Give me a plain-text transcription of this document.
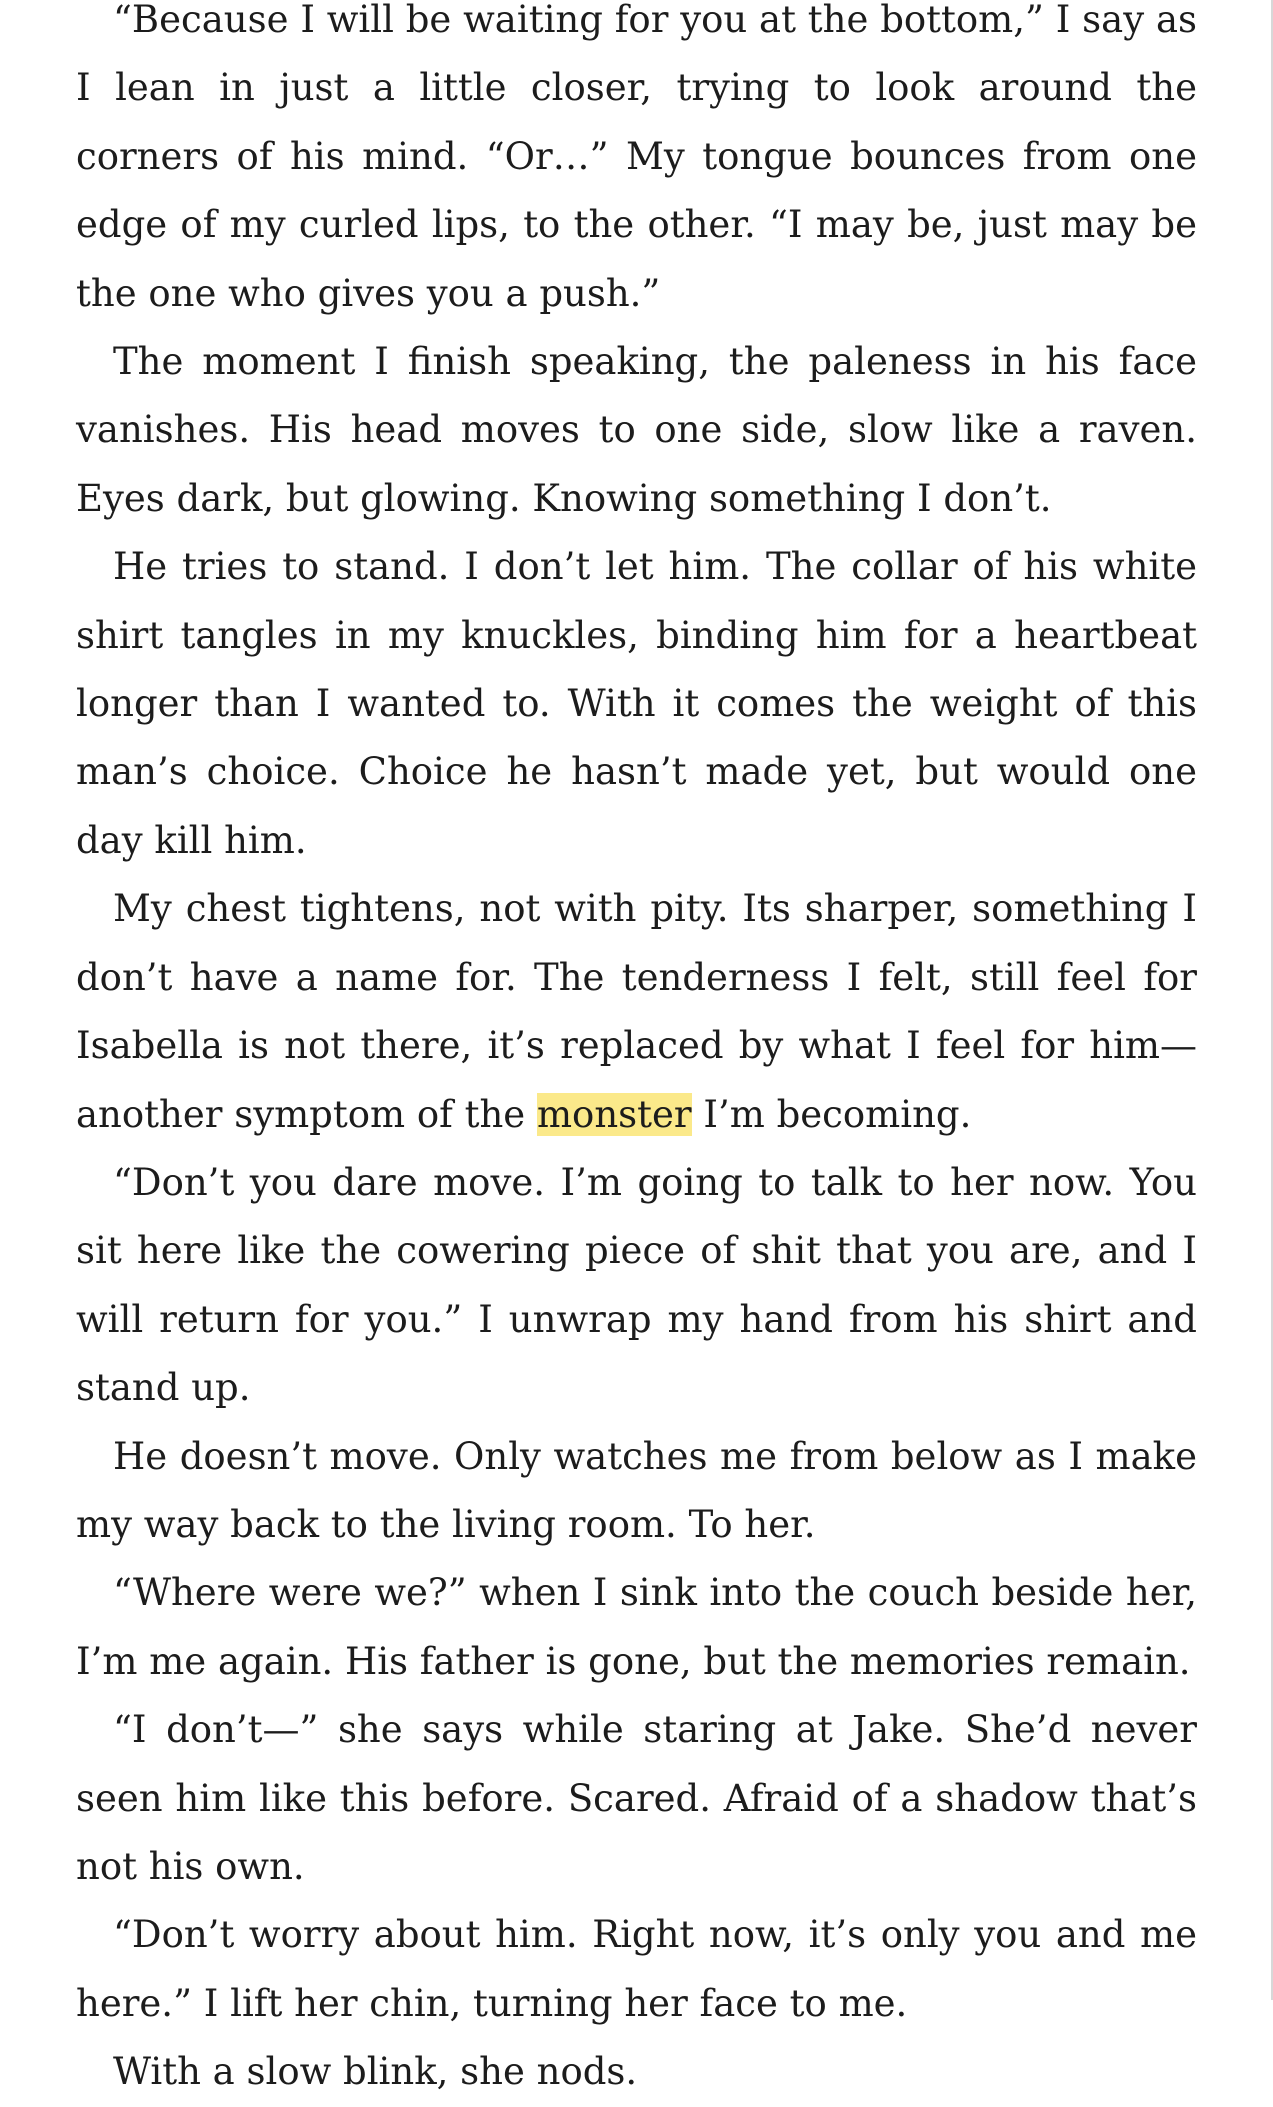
“Because I will be waiting for you at the bottom,” I say as I lean in just a little closer, trying to look around the corners of his mind. “Or…” My tongue bounces from one edge of my curled lips, to the other. “I may be, just may be the one who gives you a push.”

The moment I finish speaking, the paleness in his face vanishes. His head moves to one side, slow like a raven. Eyes dark, but glowing. Knowing something I don’t.

He tries to stand. I don’t let him. The collar of his white shirt tangles in my knuckles, binding him for a heartbeat longer than I wanted to. With it comes the weight of this man’s choice. Choice he hasn’t made yet, but would one day kill him.

My chest tightens, not with pity. Its sharper, something I don’t have a name for. The tenderness I felt, still feel for Isabella is not there, it’s replaced by what I feel for him—another symptom of the monster I’m becoming.

“Don’t you dare move. I’m going to talk to her now. You sit here like the cowering piece of shit that you are, and I will return for you.” I unwrap my hand from his shirt and stand up.

He doesn’t move. Only watches me from below as I make my way back to the living room. To her.

“Where were we?” when I sink into the couch beside her, I’m me again. His father is gone, but the memories remain.

“I don’t—” she says while staring at Jake. She’d never seen him like this before. Scared. Afraid of a shadow that’s not his own.

“Don’t worry about him. Right now, it’s only you and me here.” I lift her chin, turning her face to me.

With a slow blink, she nods.
